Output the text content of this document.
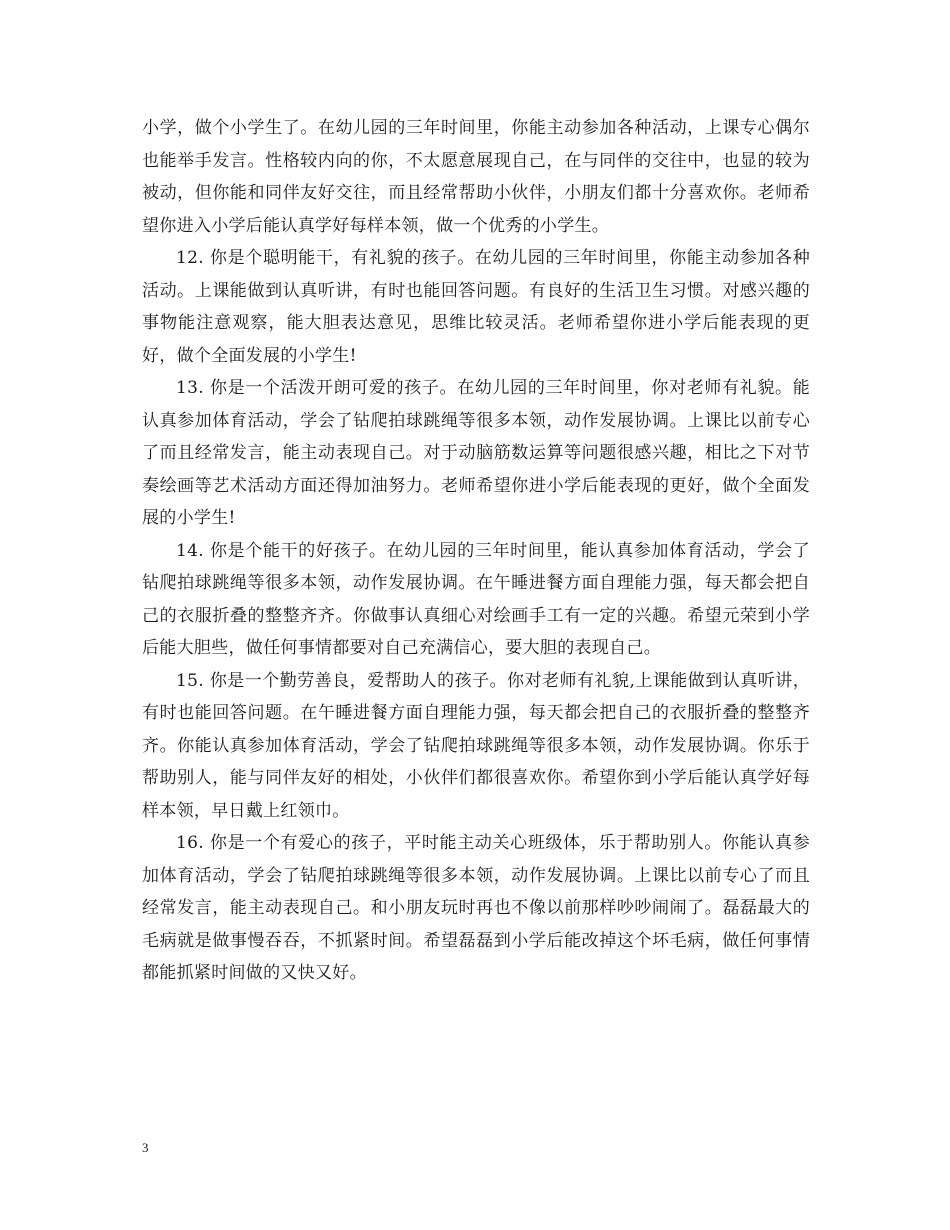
小学，做个小学生了。在幼儿园的三年时间里，你能主动参加各种活动，上课专心偶尔也能举手发言。性格较内向的你，不太愿意展现自己，在与同伴的交往中，也显的较为被动，但你能和同伴友好交往，而且经常帮助小伙伴，小朋友们都十分喜欢你。老师希望你进入小学后能认真学好每样本领，做一个优秀的小学生。

12. 你是个聪明能干，有礼貌的孩子。在幼儿园的三年时间里，你能主动参加各种活动。上课能做到认真听讲，有时也能回答问题。有良好的生活卫生习惯。对感兴趣的事物能注意观察，能大胆表达意见，思维比较灵活。老师希望你进小学后能表现的更好，做个全面发展的小学生!

13. 你是一个活泼开朗可爱的孩子。在幼儿园的三年时间里，你对老师有礼貌。能认真参加体育活动，学会了钻爬拍球跳绳等很多本领，动作发展协调。上课比以前专心了而且经常发言，能主动表现自己。对于动脑筋数运算等问题很感兴趣，相比之下对节奏绘画等艺术活动方面还得加油努力。老师希望你进小学后能表现的更好，做个全面发展的小学生!

14. 你是个能干的好孩子。在幼儿园的三年时间里，能认真参加体育活动，学会了钻爬拍球跳绳等很多本领，动作发展协调。在午睡进餐方面自理能力强，每天都会把自己的衣服折叠的整整齐齐。你做事认真细心对绘画手工有一定的兴趣。希望元荣到小学后能大胆些，做任何事情都要对自己充满信心，要大胆的表现自己。

15. 你是一个勤劳善良，爱帮助人的孩子。你对老师有礼貌,上课能做到认真听讲，有时也能回答问题。在午睡进餐方面自理能力强，每天都会把自己的衣服折叠的整整齐齐。你能认真参加体育活动，学会了钻爬拍球跳绳等很多本领，动作发展协调。你乐于帮助别人，能与同伴友好的相处，小伙伴们都很喜欢你。希望你到小学后能认真学好每样本领，早日戴上红领巾。

16. 你是一个有爱心的孩子，平时能主动关心班级体，乐于帮助别人。你能认真参加体育活动，学会了钻爬拍球跳绳等很多本领，动作发展协调。上课比以前专心了而且经常发言，能主动表现自己。和小朋友玩时再也不像以前那样吵吵闹闹了。磊磊最大的毛病就是做事慢吞吞，不抓紧时间。希望磊磊到小学后能改掉这个坏毛病，做任何事情都能抓紧时间做的又快又好。

3
